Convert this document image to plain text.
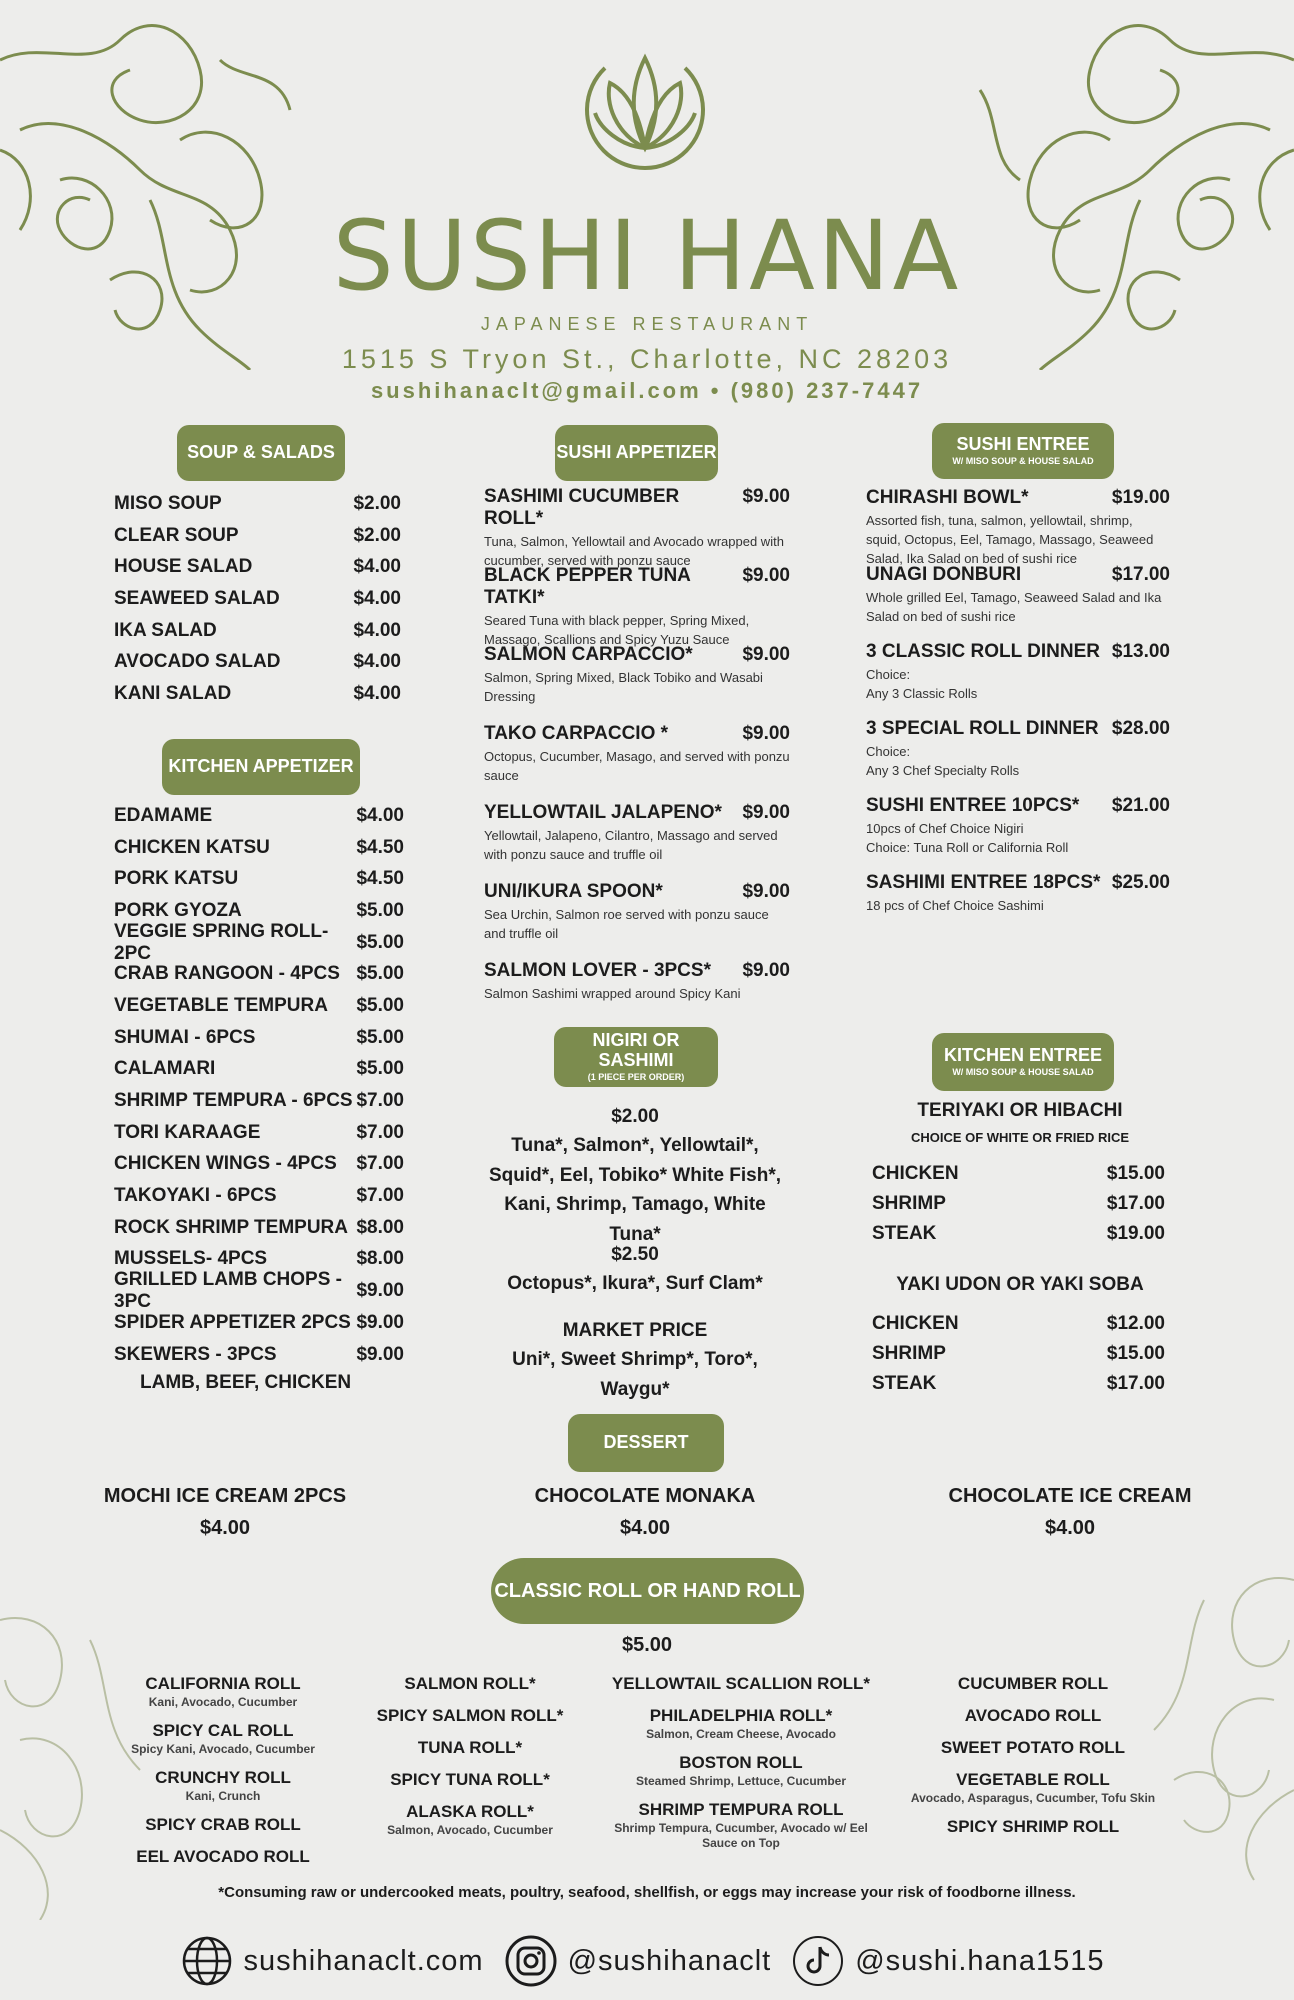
SUSHI HANA
JAPANESE RESTAURANT
1515 S Tryon St., Charlotte, NC 28203
sushihanaclt@gmail.com • (980) 237-7447
SOUP & SALADS
MISO SOUP	$2.00
CLEAR SOUP	$2.00
HOUSE SALAD	$4.00
SEAWEED SALAD	$4.00
IKA SALAD	$4.00
AVOCADO SALAD	$4.00
KANI SALAD	$4.00
KITCHEN APPETIZER
EDAMAME	$4.00
CHICKEN KATSU	$4.50
PORK KATSU	$4.50
PORK GYOZA	$5.00
VEGGIE SPRING ROLL-2PC
$5.00
CRAB RANGOON - 4PCS $5.00
VEGETABLE TEMPURA $5.00
SHUMAI - 6PCS	$5.00
CALAMARI	$5.00
SHRIMP TEMPURA - 6PCS $7.00
TORI KARAAGE	$7.00
CHICKEN WINGS - 4PCS $7.00
TAKOYAKI - 6PCS	$7.00
ROCK SHRIMP TEMPURA $8.00
MUSSELS- 4PCS	$8.00
GRILLED LAMB CHOPS - 3PC
$9.00
SPIDER APPETIZER 2PCS $9.00
SKEWERS - 3PCS	$9.00
LAMB, BEEF, CHICKEN
SUSHI APPETIZER
SASHIMI CUCUMBER ROLL*
$9.00
Tuna, Salmon, Yellowtail and Avocado wrapped with cucumber, served with ponzu sauce
BLACK PEPPER TUNA TATKI*
$9.00
Seared Tuna with black pepper, Spring Mixed, Massago, Scallions and Spicy Yuzu Sauce
SALMON CARPACCIO*	$9.00
Salmon, Spring Mixed, Black Tobiko and Wasabi Dressing
TAKO CARPACCIO *	$9.00
Octopus, Cucumber, Masago, and served with ponzu sauce
YELLOWTAIL JALAPENO* $9.00
Yellowtail, Jalapeno, Cilantro, Massago and served with ponzu sauce and truffle oil
UNI/IKURA SPOON*	$9.00
Sea Urchin, Salmon roe served with ponzu sauce and truffle oil
SALMON LOVER - 3PCS* $9.00
Salmon Sashimi wrapped around Spicy Kani
SUSHI ENTREE
W/ MISO SOUP & HOUSE SALAD
CHIRASHI BOWL*	$19.00
Assorted fish, tuna, salmon, yellowtail, shrimp, squid, Octopus, Eel, Tamago, Massago, Seaweed Salad, Ika Salad on bed of sushi rice
UNAGI DONBURI	$17.00
Whole grilled Eel, Tamago, Seaweed Salad and Ika Salad on bed of sushi rice
3 CLASSIC ROLL DINNER $13.00
Choice:
Any 3 Classic Rolls
3 SPECIAL ROLL DINNER $28.00
Choice:
Any 3 Chef Specialty Rolls
SUSHI ENTREE 10PCS* $21.00
10pcs of Chef Choice Nigiri
Choice: Tuna Roll or California Roll
SASHIMI ENTREE 18PCS* $25.00
18 pcs of Chef Choice Sashimi
NIGIRI OR SASHIMI
(1 PIECE PER ORDER)
$2.00
Tuna*, Salmon*, Yellowtail*, Squid*, Eel, Tobiko* White Fish*, Kani, Shrimp, Tamago, White Tuna*
$2.50
Octopus*, Ikura*, Surf Clam*
MARKET PRICE
Uni*, Sweet Shrimp*, Toro*, Waygu*
KITCHEN ENTREE
W/ MISO SOUP & HOUSE SALAD
TERIYAKI OR HIBACHI
CHOICE OF WHITE OR FRIED RICE
CHICKEN	$15.00
SHRIMP	$17.00
STEAK	$19.00
YAKI UDON OR YAKI SOBA
CHICKEN	$12.00
SHRIMP	$15.00
STEAK	$17.00
DESSERT
MOCHI ICE CREAM 2PCS
$4.00
CHOCOLATE MONAKA
$4.00
CHOCOLATE ICE CREAM
$4.00
CLASSIC ROLL OR HAND ROLL
$5.00
CALIFORNIA ROLL
Kani, Avocado, Cucumber
SPICY CAL ROLL
Spicy Kani, Avocado, Cucumber
CRUNCHY ROLL
Kani, Crunch
SPICY CRAB ROLL
EEL AVOCADO ROLL
SALMON ROLL*
SPICY SALMON ROLL*
TUNA ROLL*
SPICY TUNA ROLL*
ALASKA ROLL*
Salmon, Avocado, Cucumber
YELLOWTAIL SCALLION ROLL*
PHILADELPHIA ROLL*
Salmon, Cream Cheese, Avocado
BOSTON ROLL
Steamed Shrimp, Lettuce, Cucumber
SHRIMP TEMPURA ROLL
Shrimp Tempura, Cucumber, Avocado w/ Eel Sauce on Top
CUCUMBER ROLL
AVOCADO ROLL
SWEET POTATO ROLL
VEGETABLE ROLL
Avocado, Asparagus, Cucumber, Tofu Skin
SPICY SHRIMP ROLL
*Consuming raw or undercooked meats, poultry, seafood, shellfish, or eggs may increase your risk of foodborne illness.
sushihanaclt.com	@sushihanaclt	@sushi.hana1515
